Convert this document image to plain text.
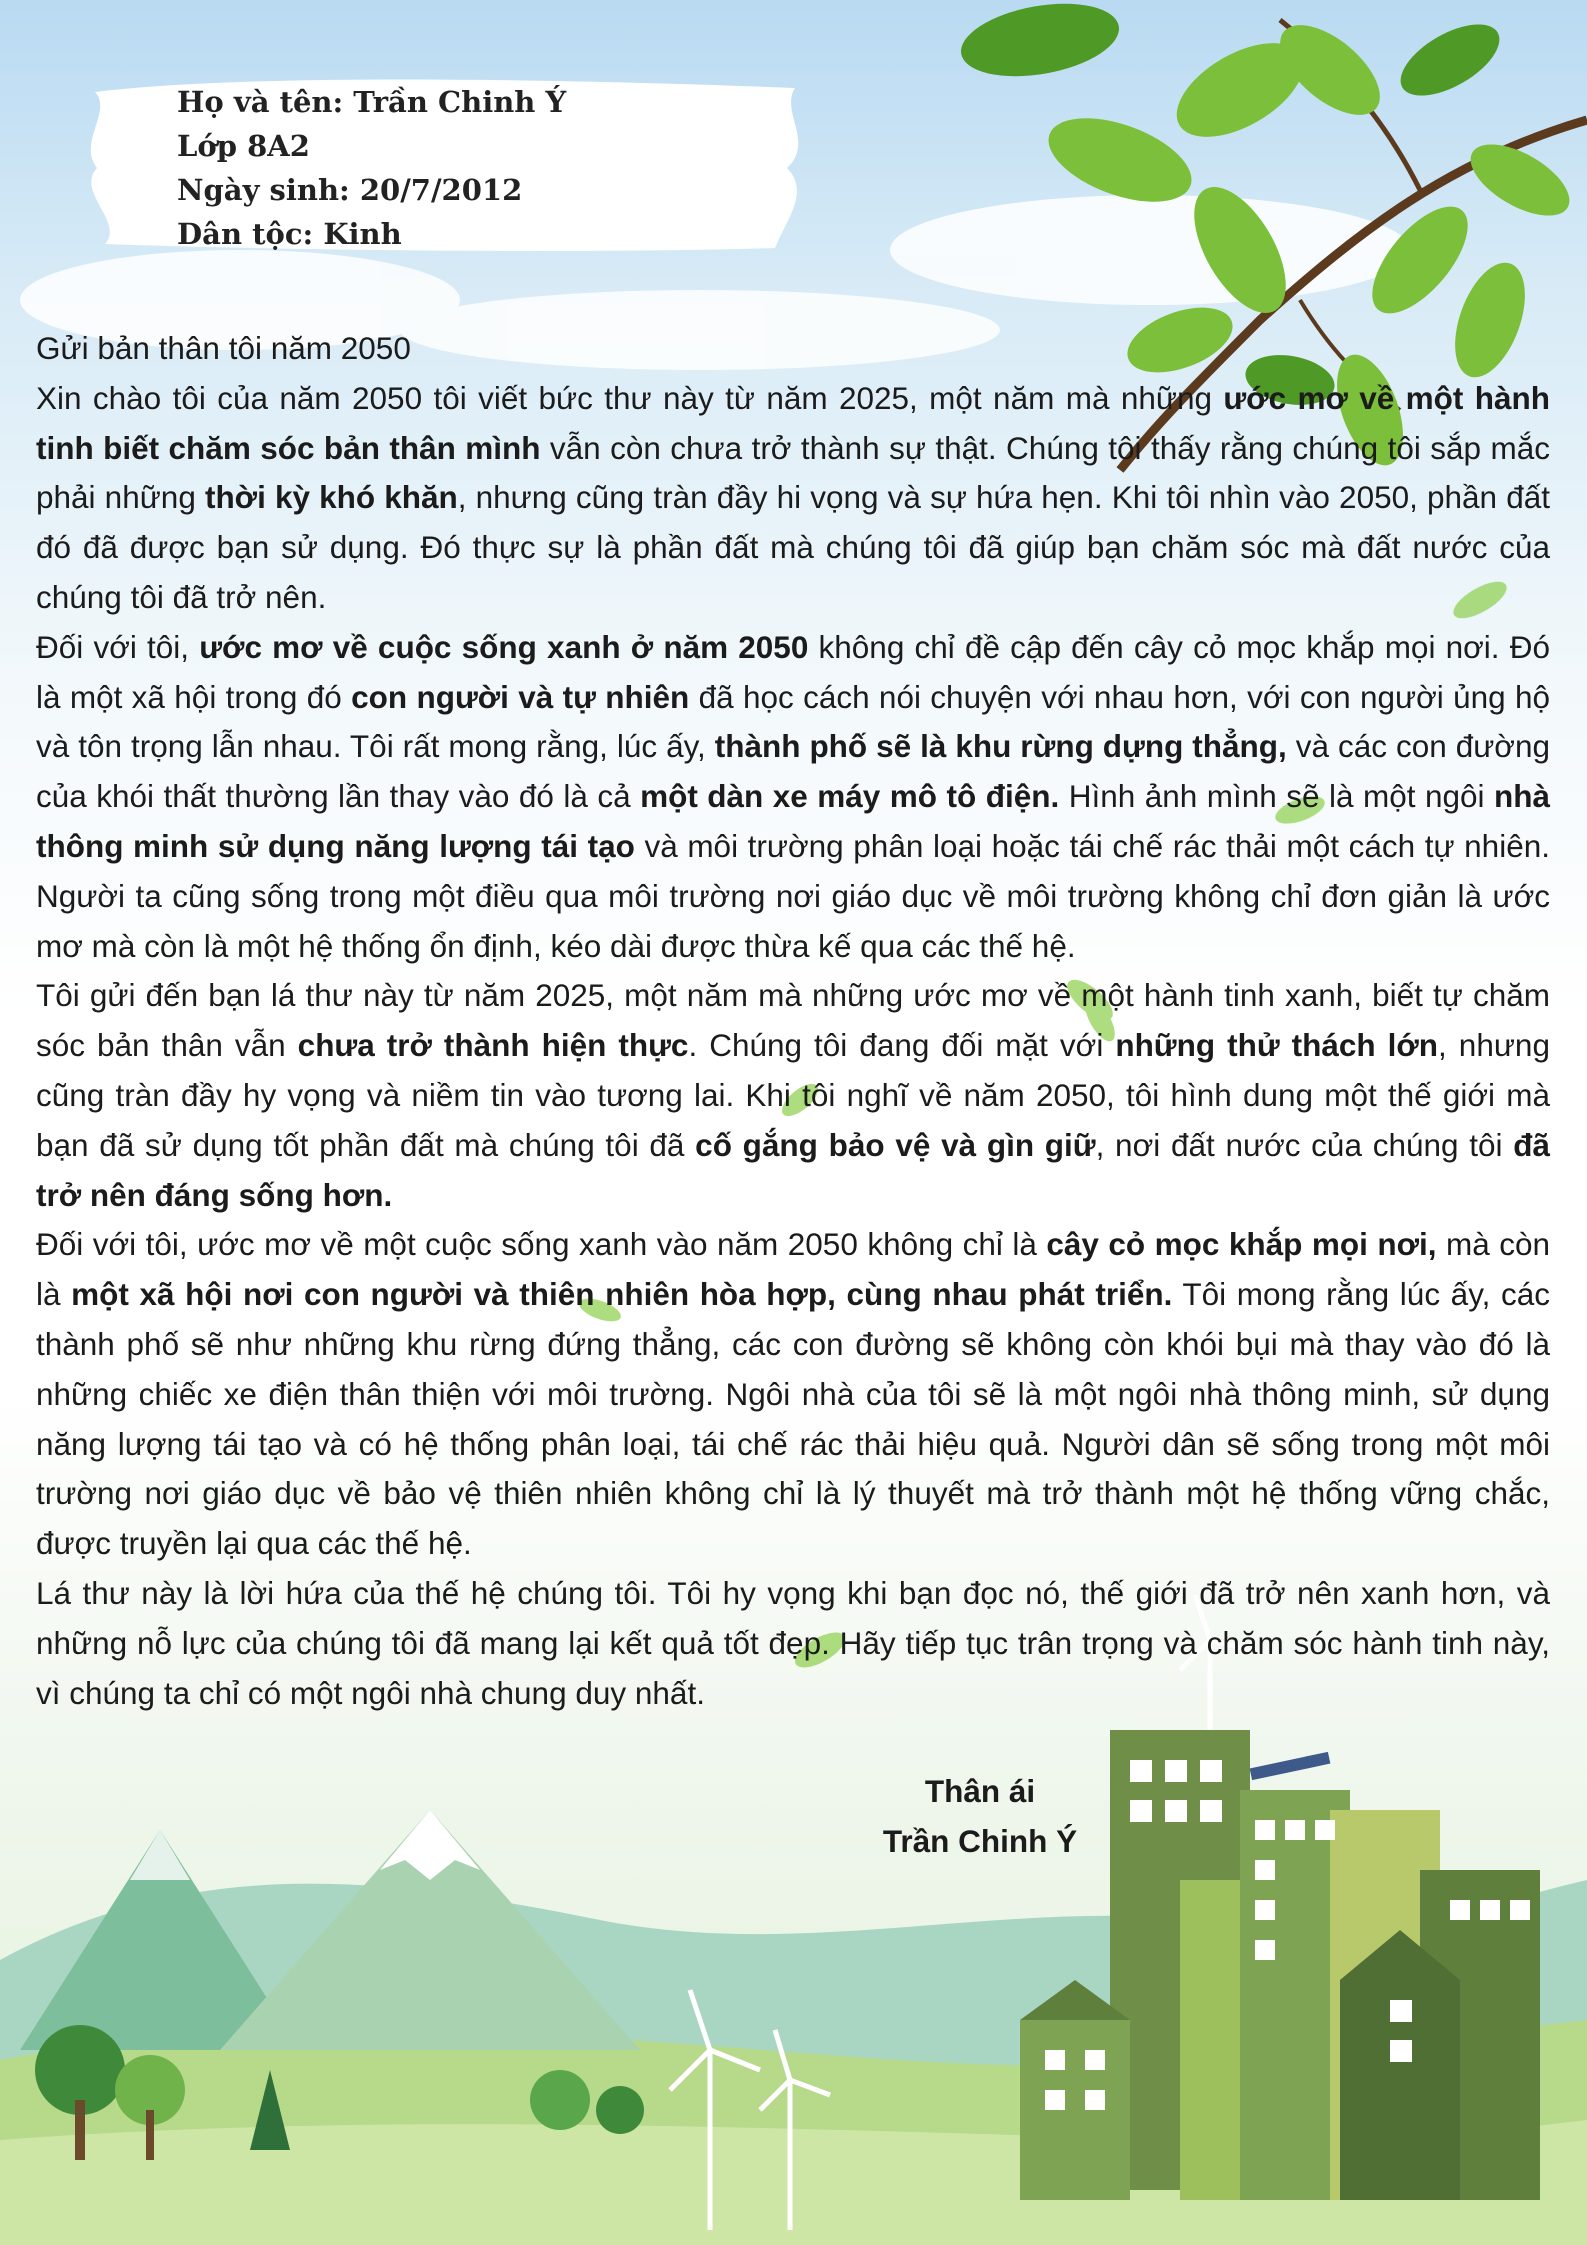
Họ và tên: Trần Chinh Ý
Lớp 8A2
Ngày sinh: 20/7/2012
Dân tộc: Kinh

Gửi bản thân tôi năm 2050

Xin chào tôi của năm 2050 tôi viết bức thư này từ năm 2025, một năm mà những ước mơ về một hành tinh biết chăm sóc bản thân mình vẫn còn chưa trở thành sự thật. Chúng tôi thấy rằng chúng tôi sắp mắc phải những thời kỳ khó khăn, nhưng cũng tràn đầy hi vọng và sự hứa hẹn. Khi tôi nhìn vào 2050, phần đất đó đã được bạn sử dụng. Đó thực sự là phần đất mà chúng tôi đã giúp bạn chăm sóc mà đất nước của chúng tôi đã trở nên.

Đối với tôi, ước mơ về cuộc sống xanh ở năm 2050 không chỉ đề cập đến cây cỏ mọc khắp mọi nơi. Đó là một xã hội trong đó con người và tự nhiên đã học cách nói chuyện với nhau hơn, với con người ủng hộ và tôn trọng lẫn nhau. Tôi rất mong rằng, lúc ấy, thành phố sẽ là khu rừng dựng thẳng, và các con đường của khói thất thường lần thay vào đó là cả một dàn xe máy mô tô điện. Hình ảnh mình sẽ là một ngôi nhà thông minh sử dụng năng lượng tái tạo và môi trường phân loại hoặc tái chế rác thải một cách tự nhiên. Người ta cũng sống trong một điều qua môi trường nơi giáo dục về môi trường không chỉ đơn giản là ước mơ mà còn là một hệ thống ổn định, kéo dài được thừa kế qua các thế hệ.

Tôi gửi đến bạn lá thư này từ năm 2025, một năm mà những ước mơ về một hành tinh xanh, biết tự chăm sóc bản thân vẫn chưa trở thành hiện thực. Chúng tôi đang đối mặt với những thử thách lớn, nhưng cũng tràn đầy hy vọng và niềm tin vào tương lai. Khi tôi nghĩ về năm 2050, tôi hình dung một thế giới mà bạn đã sử dụng tốt phần đất mà chúng tôi đã cố gắng bảo vệ và gìn giữ, nơi đất nước của chúng tôi đã trở nên đáng sống hơn.

Đối với tôi, ước mơ về một cuộc sống xanh vào năm 2050 không chỉ là cây cỏ mọc khắp mọi nơi, mà còn là một xã hội nơi con người và thiên nhiên hòa hợp, cùng nhau phát triển. Tôi mong rằng lúc ấy, các thành phố sẽ như những khu rừng đứng thẳng, các con đường sẽ không còn khói bụi mà thay vào đó là những chiếc xe điện thân thiện với môi trường. Ngôi nhà của tôi sẽ là một ngôi nhà thông minh, sử dụng năng lượng tái tạo và có hệ thống phân loại, tái chế rác thải hiệu quả. Người dân sẽ sống trong một môi trường nơi giáo dục về bảo vệ thiên nhiên không chỉ là lý thuyết mà trở thành một hệ thống vững chắc, được truyền lại qua các thế hệ.

Lá thư này là lời hứa của thế hệ chúng tôi. Tôi hy vọng khi bạn đọc nó, thế giới đã trở nên xanh hơn, và những nỗ lực của chúng tôi đã mang lại kết quả tốt đẹp. Hãy tiếp tục trân trọng và chăm sóc hành tinh này, vì chúng ta chỉ có một ngôi nhà chung duy nhất.

Thân ái
Trần Chinh Ý
